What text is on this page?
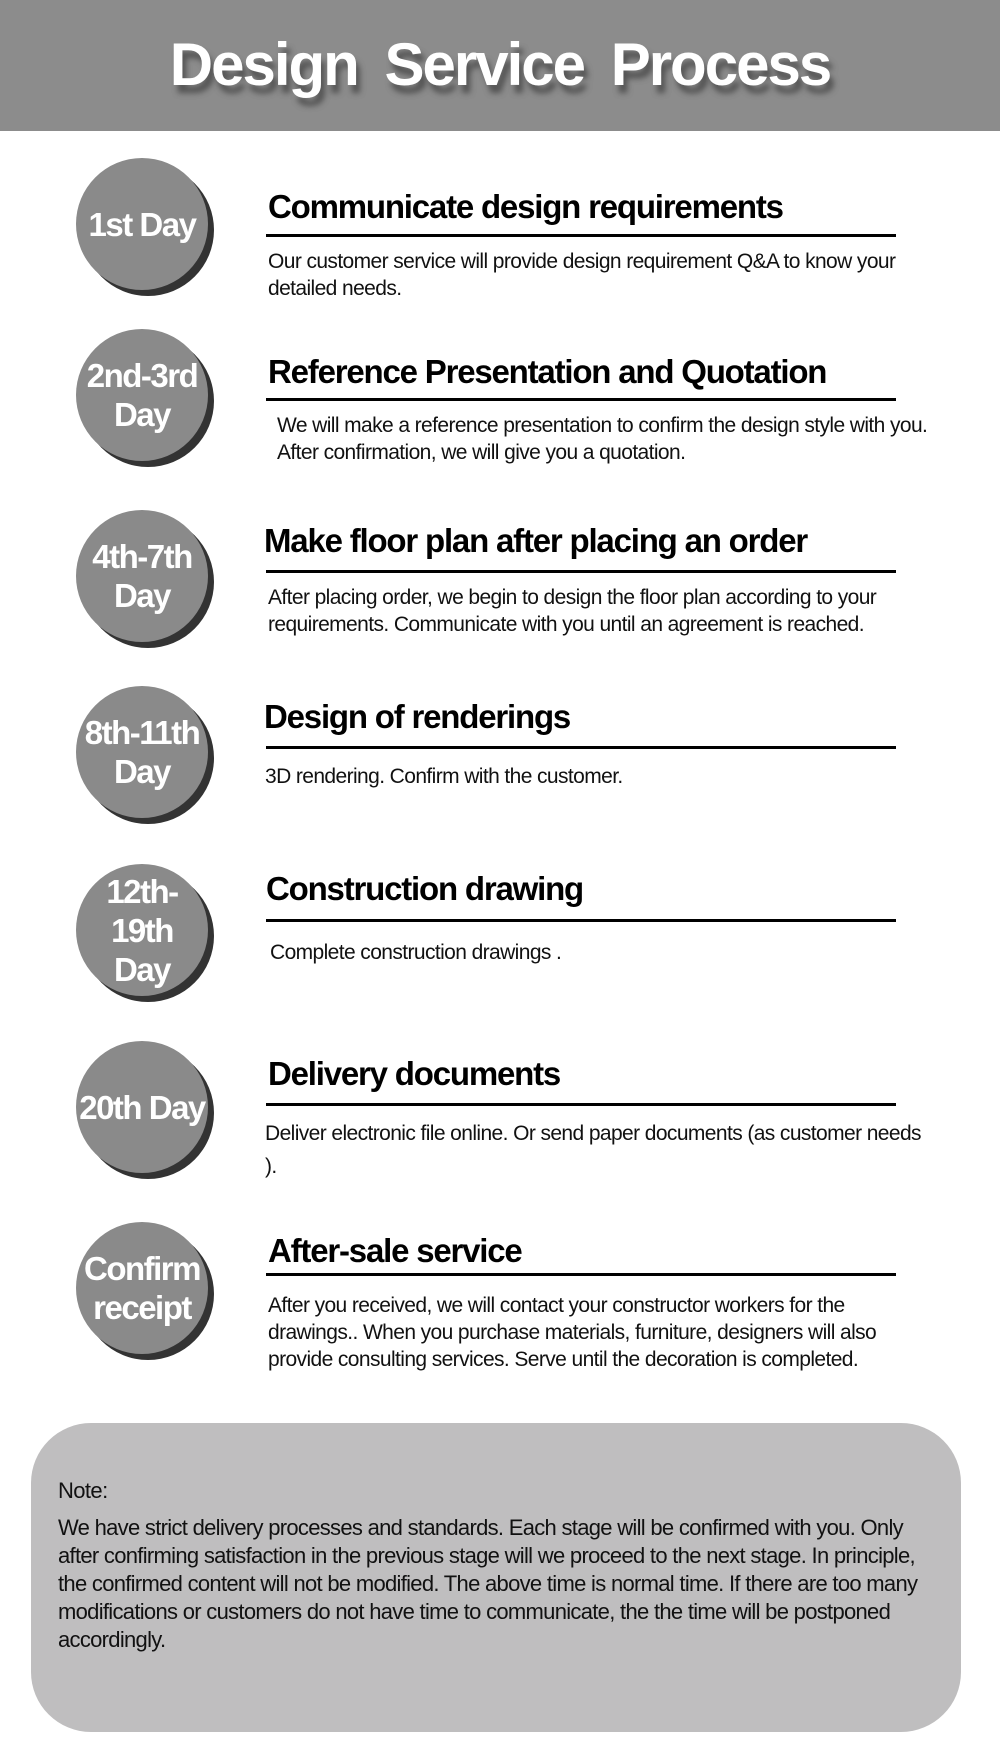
Design Service Process
1st Day	Communicate design requirements
Our customer service will provide design requirement Q&A to know your detailed needs.
2nd-3rd
Day
Reference Presentation and Quotation
We will make a reference presentation to confirm the design style with you. After confirmation, we will give you a quotation.
4th-7th
Day
Make floor plan after placing an order
After placing order, we begin to design the floor plan according to your requirements. Communicate with you until an agreement is reached.
8th-11th
Day
Design of renderings
3D rendering. Confirm with the customer.
12th-19th
Day
Construction drawing
Complete construction drawings .
20th Day
Delivery documents
Deliver electronic file online. Or send paper documents (as customer needs ).
Confirm
receipt
After-sale service
After you received, we will contact your constructor workers for the drawings.. When you purchase materials, furniture, designers will also provide consulting services. Serve until the decoration is completed.
Note:
We have strict delivery processes and standards. Each stage will be confirmed with you. Only after confirming satisfaction in the previous stage will we proceed to the next stage. In principle, the confirmed content will not be modified. The above time is normal time. If there are too many modifications or customers do not have time to communicate, the the time will be postponed accordingly.
